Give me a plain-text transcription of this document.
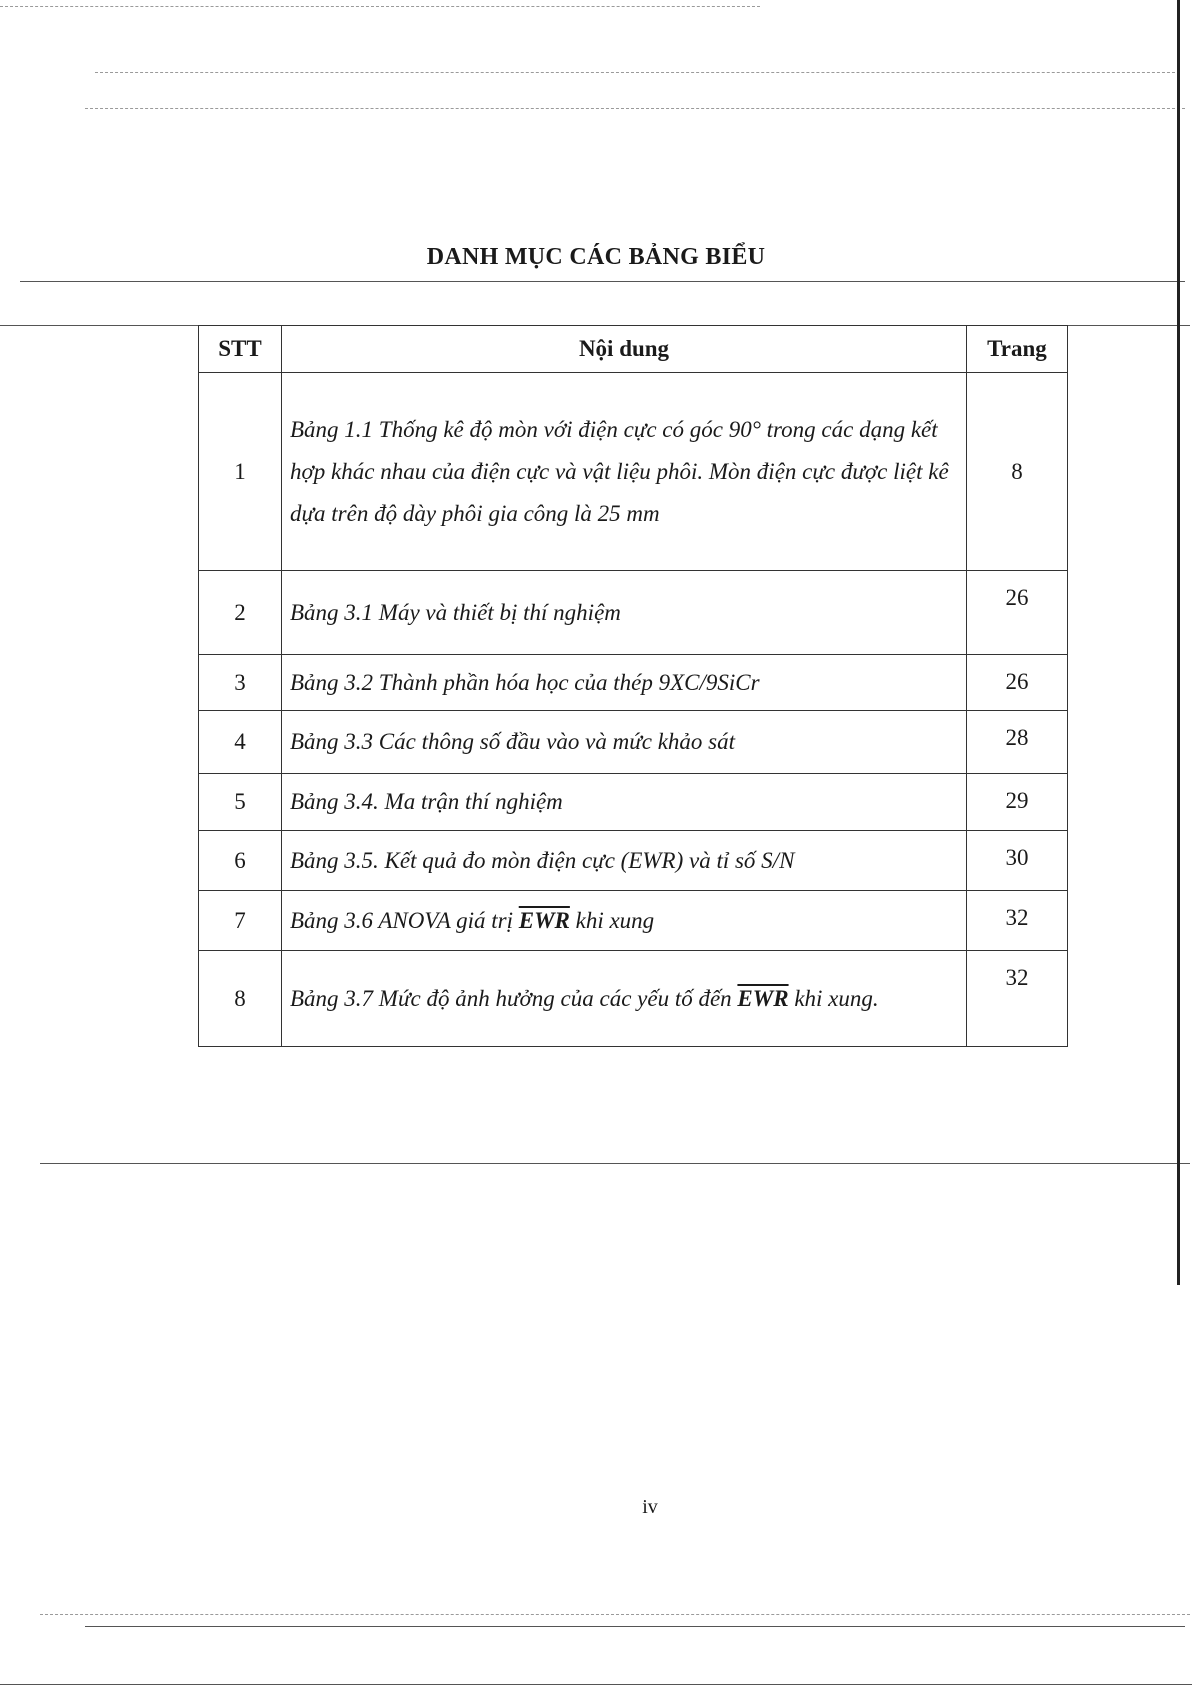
DANH MỤC CÁC BẢNG BIỂU
STT	Nội dung	Trang
1	Bảng 1.1 Thống kê độ mòn với điện cực có góc 90° trong các dạng kết hợp khác nhau của điện cực và vật liệu phôi. Mòn điện cực được liệt kê dựa trên độ dày phôi gia công là 25 mm	8
2	Bảng 3.1 Máy và thiết bị thí nghiệm	26
3	Bảng 3.2 Thành phần hóa học của thép 9XC/9SiCr	26
4	Bảng 3.3 Các thông số đầu vào và mức khảo sát	28
5	Bảng 3.4. Ma trận thí nghiệm	29
6	Bảng 3.5. Kết quả đo mòn điện cực (EWR) và tỉ số S/N	30
7	Bảng 3.6 ANOVA giá trị $\overline{EWR}$ khi xung	32
8	Bảng 3.7 Mức độ ảnh hưởng của các yếu tố đến $\overline{EWR}$ khi xung.	32
iv
